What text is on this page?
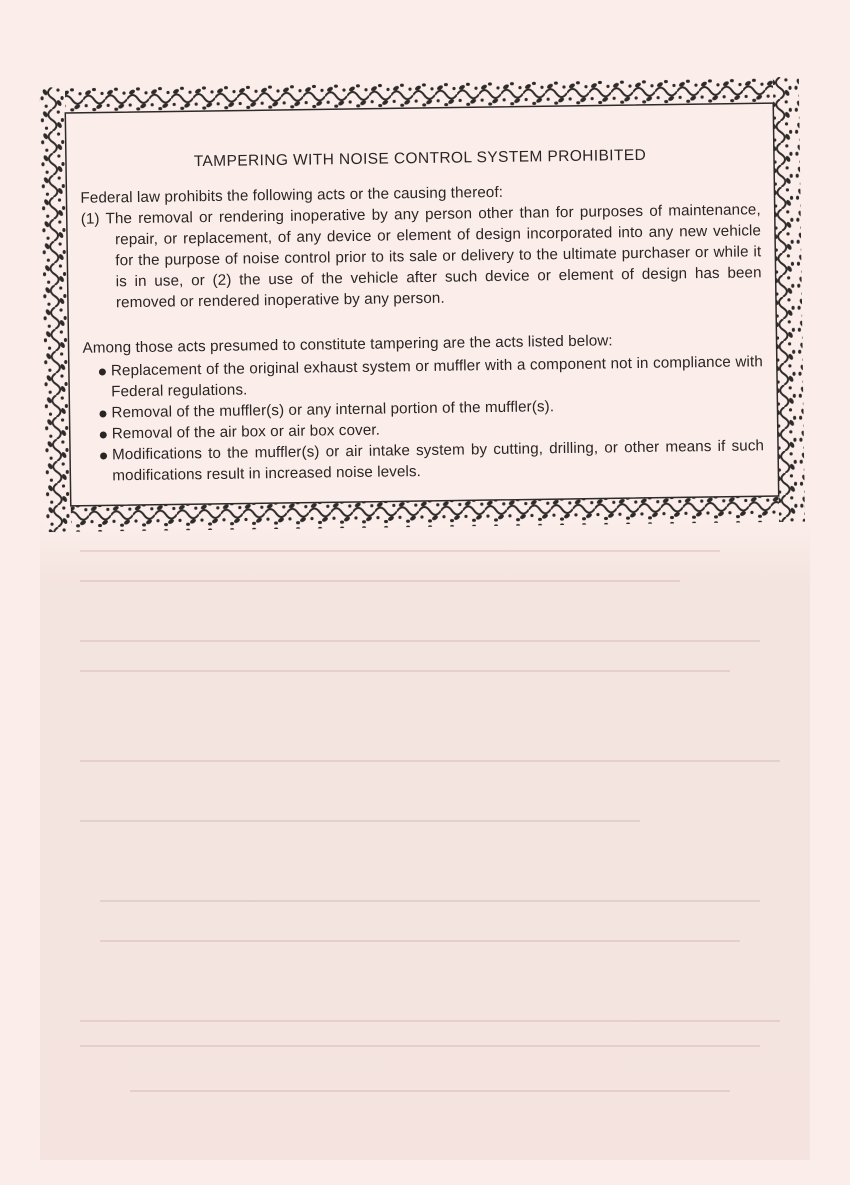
TAMPERING WITH NOISE CONTROL SYSTEM PROHIBITED

Federal law prohibits the following acts or the causing thereof:

(1) The removal or rendering inoperative by any person other than for purposes of maintenance, repair, or replacement, of any device or element of design incorporated into any new vehicle for the purpose of noise control prior to its sale or delivery to the ultimate purchaser or while it is in use, or (2) the use of the vehicle after such device or element of design has been removed or rendered inoperative by any person.

Among those acts presumed to constitute tampering are the acts listed below:

Replacement of the original exhaust system or muffler with a component not in compliance with Federal regulations.
Removal of the muffler(s) or any internal portion of the muffler(s).
Removal of the air box or air box cover.
Modifications to the muffler(s) or air intake system by cutting, drilling, or other means if such modifications result in increased noise levels.
